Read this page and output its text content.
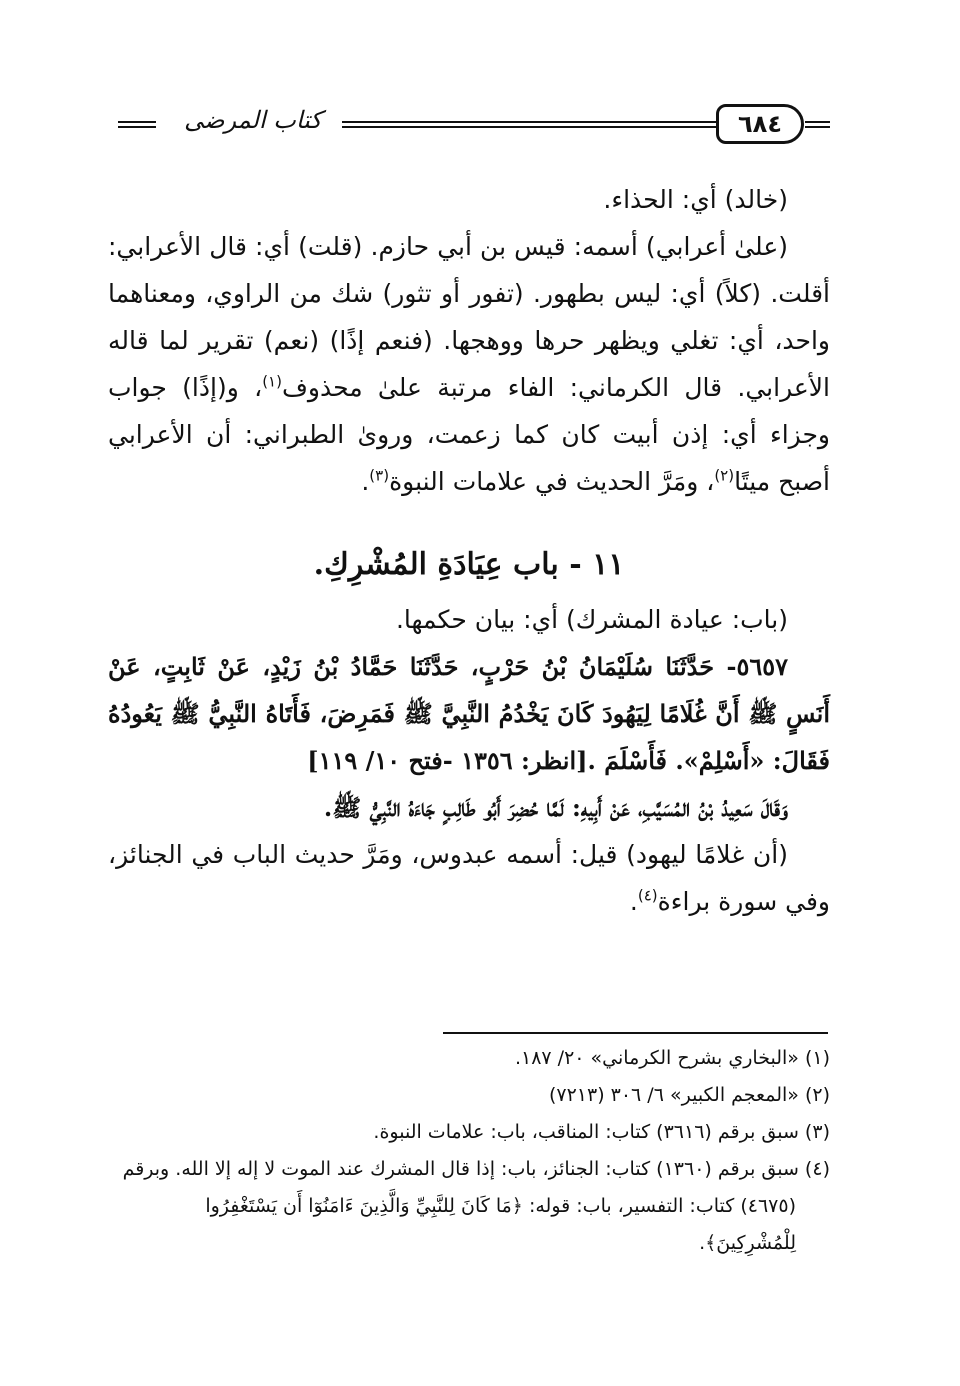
كتاب المرضى	٦٨٤

(خالد) أي: الحذاء.

(علىٰ أعرابي) أسمه: قيس بن أبي حازم. (قلت) أي: قال الأعرابي: أقلت. (كلاً) أي: ليس بطهور. (تفور أو تثور) شك من الراوي، ومعناهما واحد، أي: تغلي ويظهر حرها ووهجها. (فنعم إذًا) (نعم) تقرير لما قاله الأعرابي. قال الكرماني: الفاء مرتبة علىٰ محذوف$^{(١)}$، و(إذًا) جواب وجزاء أي: إذن أبيت كان كما زعمت، وروىٰ الطبراني: أن الأعرابي أصبح ميتًا$^{(٢)}$، ومَرَّ الحديث في علامات النبوة$^{(٣)}$.

١١ - باب عِيَادَةِ المُشْرِكِ.

(باب: عيادة المشرك) أي: بيان حكمها.

٥٦٥٧- حَدَّثَنَا سُلَيْمَانُ بْنُ حَرْبٍ، حَدَّثَنَا حَمَّادُ بْنُ زَيْدٍ، عَنْ ثَابِتٍ، عَنْ أَنَسٍ ﷺ أَنَّ غُلَامًا لِيَهُودَ كَانَ يَخْدُمُ النَّبِيَّ ﷺ فَمَرِضَ، فَأَتَاهُ النَّبِيُّ ﷺ يَعُودُهُ فَقَالَ: «أَسْلِمْ». فَأَسْلَمَ .[انظر: ١٣٥٦ -فتح ١٠/ ١١٩]

وَقَالَ سَعِيدُ بْنُ المُسَيَّبِ، عَنْ أَبِيهِ: لَمَّا حُضِرَ أَبُو طَالِبٍ جَاءَهُ النَّبِيُّ ﷺ.

(أن غلامًا ليهود) قيل: أسمه عبدوس، ومَرَّ حديث الباب في الجنائز، وفي سورة براءة$^{(٤)}$.

(١) «البخاري بشرح الكرماني» ٢٠/ ١٨٧.

(٢) «المعجم الكبير» ٦/ ٣٠٦ (٧٢١٣)

(٣) سبق برقم (٣٦١٦) كتاب: المناقب، باب: علامات النبوة.

(٤) سبق برقم (١٣٦٠) كتاب: الجنائز، باب: إذا قال المشرك عند الموت لا إله إلا الله. وبرقم (٤٦٧٥) كتاب: التفسير، باب: قوله: ﴿مَا كَانَ لِلنَّبِيِّ وَالَّذِينَ ءَامَنُوٓا أَن يَسْتَغْفِرُوا لِلْمُشْرِكِينَ﴾.
